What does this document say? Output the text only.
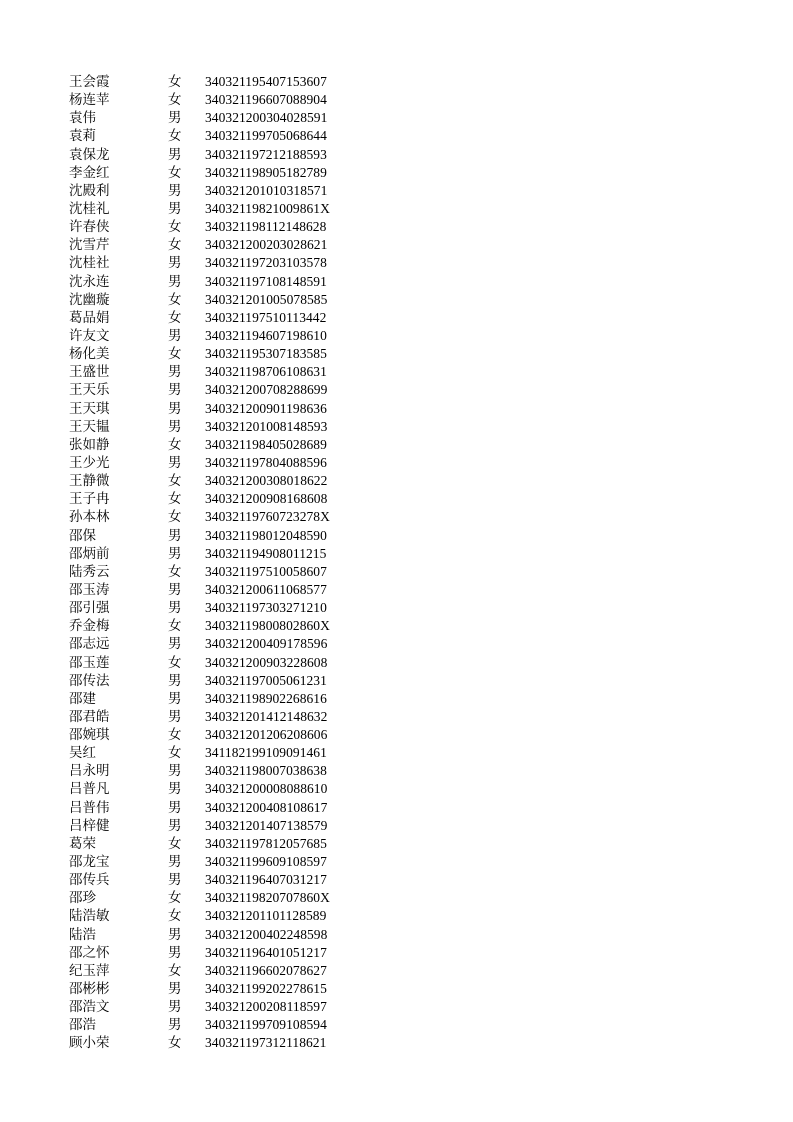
王会霞	女 340321195407153607
杨连苹	女 340321196607088904
袁伟	男 340321200304028591
袁莉	女 340321199705068644
袁保龙	男 340321197212188593
李金红	女 340321198905182789
沈殿利	男 340321201010318571
沈桂礼	男 34032119821009861X
许春侠	女 340321198112148628
沈雪芹	女 340321200203028621
沈桂社	男 340321197203103578
沈永连	男 340321197108148591
沈幽璇	女 340321201005078585
葛品娟	女 340321197510113442
许友文	男 340321194607198610
杨化美	女 340321195307183585
王盛世	男 340321198706108631
王天乐	男 340321200708288699
王天琪	男 340321200901198636
王天韫	男 340321201008148593
张如静	女 340321198405028689
王少光	男 340321197804088596
王静微	女 340321200308018622
王子冉	女 340321200908168608
孙本林	女 34032119760723278X
邵保	男 340321198012048590
邵炳前	男 340321194908011215
陆秀云	女 340321197510058607
邵玉涛	男 340321200611068577
邵引强	男 340321197303271210
乔金梅	女 34032119800802860X
邵志远	男 340321200409178596
邵玉莲	女 340321200903228608
邵传法	男 340321197005061231
邵建	男 340321198902268616
邵君皓	男 340321201412148632
邵婉琪	女 340321201206208606
吴红	女 341182199109091461
吕永明	男 340321198007038638
吕普凡	男 340321200008088610
吕普伟	男 340321200408108617
吕梓健	男 340321201407138579
葛荣	女 340321197812057685
邵龙宝	男 340321199609108597
邵传兵	男 340321196407031217
邵珍	女 34032119820707860X
陆浩敏	女 340321201101128589
陆浩	男 340321200402248598
邵之怀	男 340321196401051217
纪玉萍	女 340321196602078627
邵彬彬	男 340321199202278615
邵浩文	男 340321200208118597
邵浩	男 340321199709108594
顾小荣	女 340321197312118621
